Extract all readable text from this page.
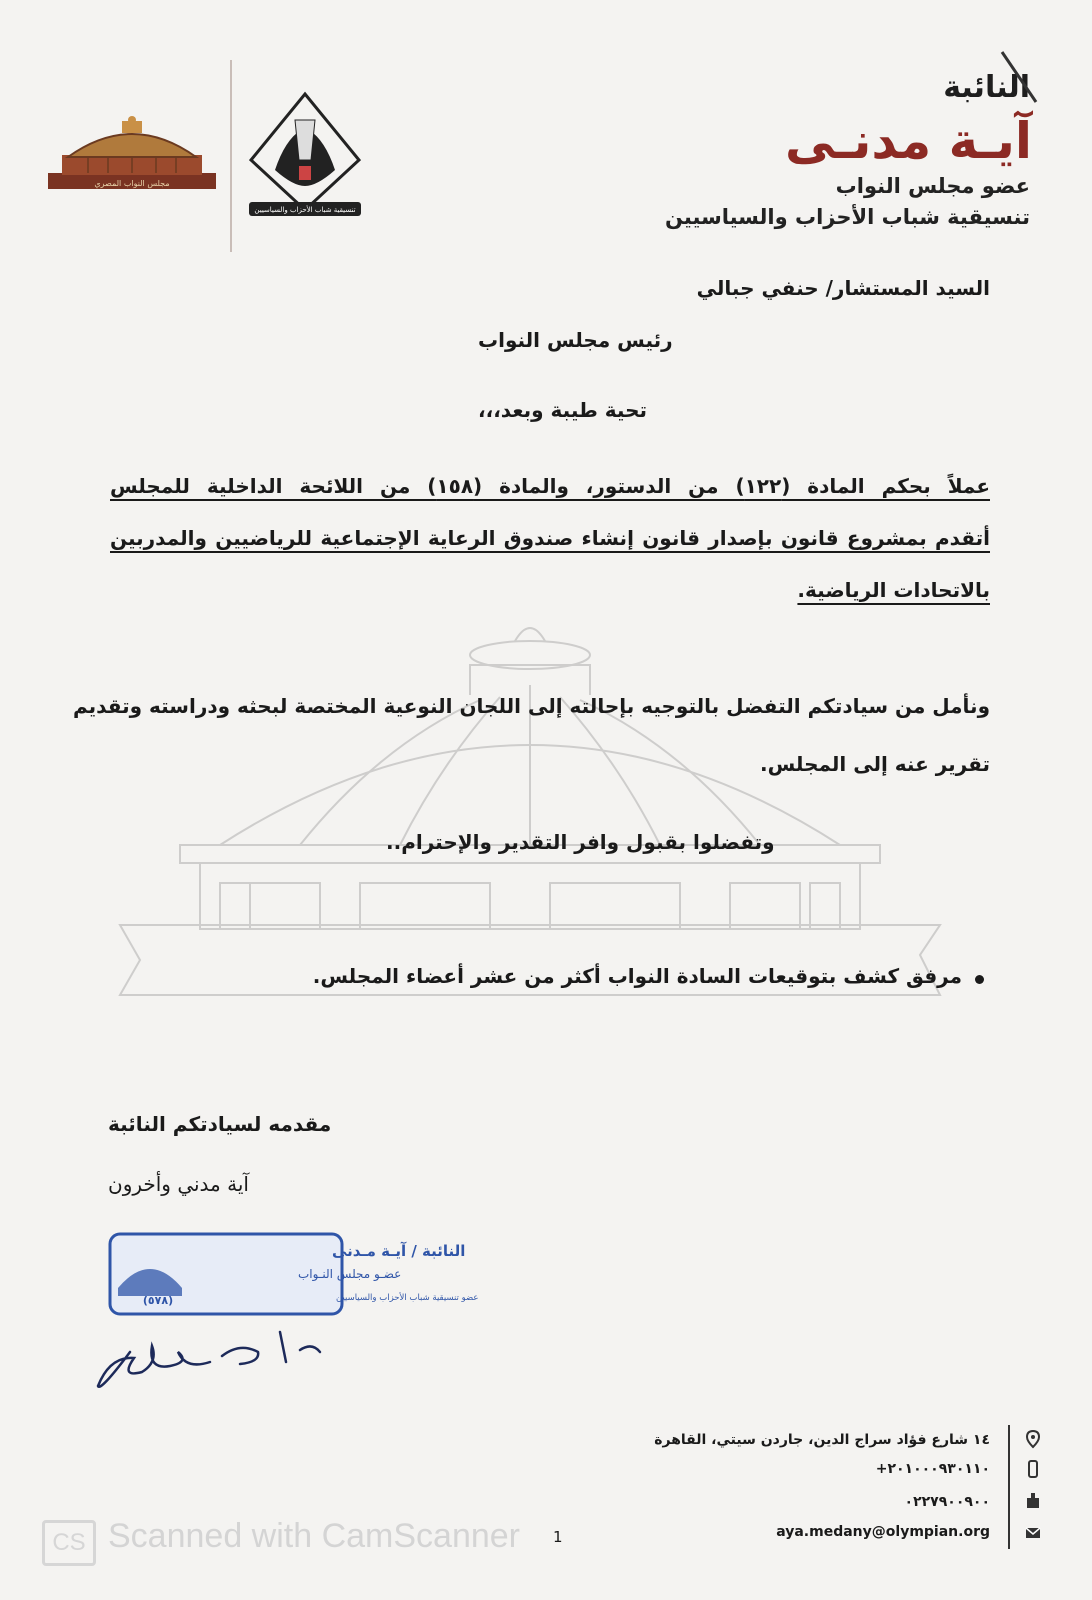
النائبة
آيـة مدنـى
عضو مجلس النواب
تنسيقية شباب الأحزاب والسياسيين
مجلس النواب المصري
تنسيقية شباب الأحزاب والسياسيين
السيد المستشار/ حنفي جبالي
رئيس مجلس النواب
تحية طيبة وبعد،،،
عملاً بحكم المادة (١٢٢) من الدستور، والمادة (١٥٨) من اللائحة الداخلية للمجلس
أتقدم بمشروع قانون بإصدار قانون إنشاء صندوق الرعاية الإجتماعية للرياضيين والمدربين
بالاتحادات الرياضية.
ونأمل من سيادتكم التفضل بالتوجيه بإحالته إلى اللجان النوعية المختصة لبحثه ودراسته وتقديم
تقرير عنه إلى المجلس.
وتفضلوا بقبول وافر التقدير والإحترام..
مرفق كشف بتوقيعات السادة النواب أكثر من عشر أعضاء المجلس.
مقدمه لسيادتكم النائبة
آية مدني وأخرون
النائبة / آيـة مـدنى
عضـو مجلس النـواب
عضو تنسيقية شباب الأحزاب والسياسيين
(٥٧٨)
١٤ شارع فؤاد سراج الدين، جاردن سيتي، القاهرة
+٢٠١٠٠٠٩٣٠١١٠
٠٢٢٧٩٠٠٩٠٠
aya.medany@olympian.org
1
CS Scanned with CamScanner
